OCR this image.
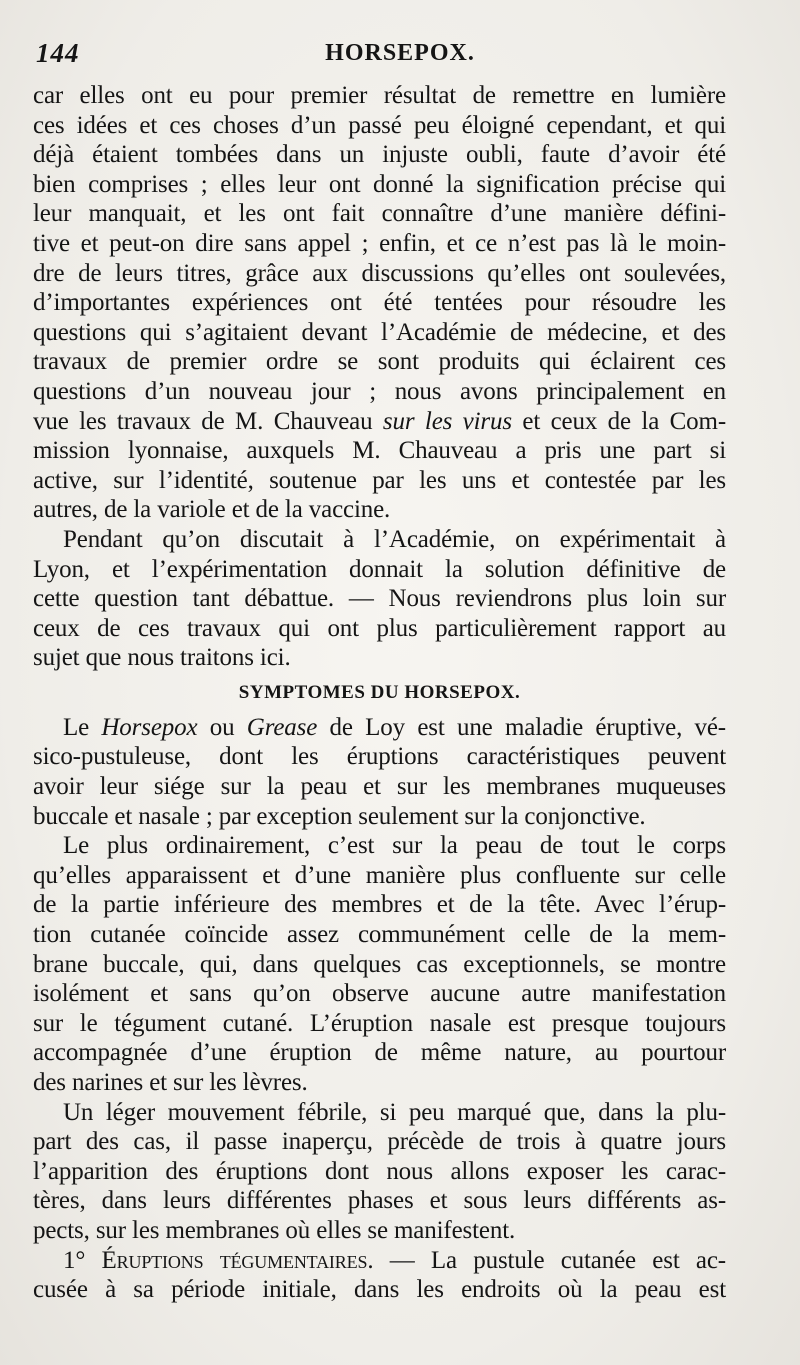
144	HORSEPOX.
car elles ont eu pour premier résultat de remettre en lumière
ces idées et ces choses d’un passé peu éloigné cependant, et qui
déjà étaient tombées dans un injuste oubli, faute d’avoir été
bien comprises ; elles leur ont donné la signification précise qui
leur manquait, et les ont fait connaître d’une manière défini-
tive et peut-on dire sans appel ; enfin, et ce n’est pas là le moin-
dre de leurs titres, grâce aux discussions qu’elles ont soulevées,
d’importantes expériences ont été tentées pour résoudre les
questions qui s’agitaient devant l’Académie de médecine, et des
travaux de premier ordre se sont produits qui éclairent ces
questions d’un nouveau jour ; nous avons principalement en
vue les travaux de M. Chauveau sur les virus et ceux de la Com-
mission lyonnaise, auxquels M. Chauveau a pris une part si
active, sur l’identité, soutenue par les uns et contestée par les
autres, de la variole et de la vaccine.
Pendant qu’on discutait à l’Académie, on expérimentait à
Lyon, et l’expérimentation donnait la solution définitive de
cette question tant débattue. — Nous reviendrons plus loin sur
ceux de ces travaux qui ont plus particulièrement rapport au
sujet que nous traitons ici.
SYMPTOMES DU HORSEPOX.
Le Horsepox ou Grease de Loy est une maladie éruptive, vé-
sico-pustuleuse, dont les éruptions caractéristiques peuvent
avoir leur siége sur la peau et sur les membranes muqueuses
buccale et nasale ; par exception seulement sur la conjonctive.
Le plus ordinairement, c’est sur la peau de tout le corps
qu’elles apparaissent et d’une manière plus confluente sur celle
de la partie inférieure des membres et de la tête. Avec l’érup-
tion cutanée coïncide assez communément celle de la mem-
brane buccale, qui, dans quelques cas exceptionnels, se montre
isolément et sans qu’on observe aucune autre manifestation
sur le tégument cutané. L’éruption nasale est presque toujours
accompagnée d’une éruption de même nature, au pourtour
des narines et sur les lèvres.
Un léger mouvement fébrile, si peu marqué que, dans la plu-
part des cas, il passe inaperçu, précède de trois à quatre jours
l’apparition des éruptions dont nous allons exposer les carac-
tères, dans leurs différentes phases et sous leurs différents as-
pects, sur les membranes où elles se manifestent.
1° Éruptions tégumentaires. — La pustule cutanée est ac-
cusée à sa période initiale, dans les endroits où la peau est
